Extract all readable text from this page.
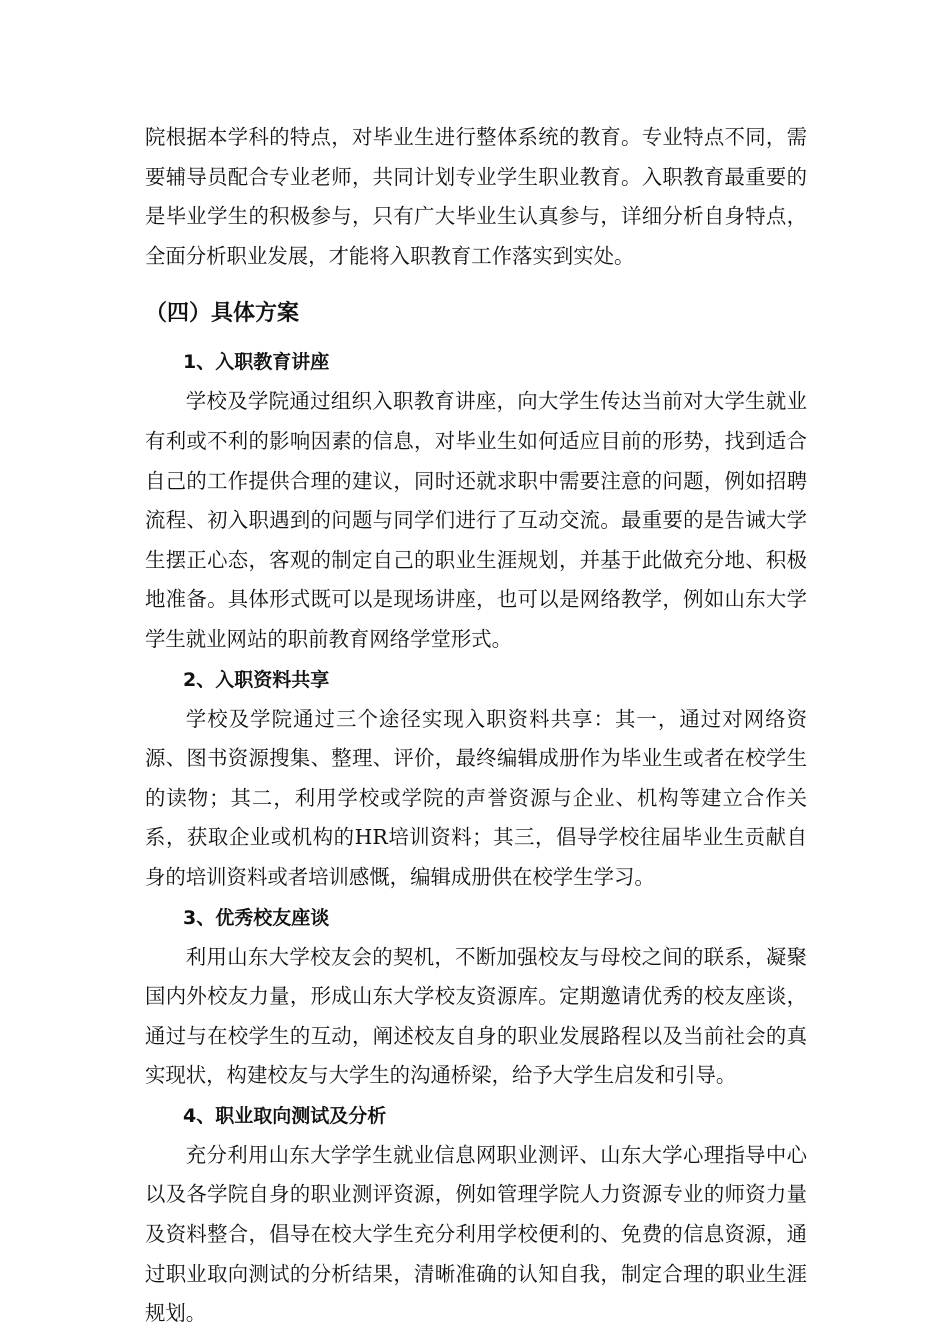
院根据本学科的特点，对毕业生进行整体系统的教育。专业特点不同，需要辅导员配合专业老师，共同计划专业学生职业教育。入职教育最重要的是毕业学生的积极参与，只有广大毕业生认真参与，详细分析自身特点，全面分析职业发展，才能将入职教育工作落实到实处。

（四）具体方案
1、入职教育讲座

学校及学院通过组织入职教育讲座，向大学生传达当前对大学生就业有利或不利的影响因素的信息，对毕业生如何适应目前的形势，找到适合自己的工作提供合理的建议，同时还就求职中需要注意的问题，例如招聘流程、初入职遇到的问题与同学们进行了互动交流。最重要的是告诫大学生摆正心态，客观的制定自己的职业生涯规划，并基于此做充分地、积极地准备。具体形式既可以是现场讲座，也可以是网络教学，例如山东大学学生就业网站的职前教育网络学堂形式。

2、入职资料共享

学校及学院通过三个途径实现入职资料共享：其一，通过对网络资源、图书资源搜集、整理、评价，最终编辑成册作为毕业生或者在校学生的读物；其二，利用学校或学院的声誉资源与企业、机构等建立合作关系，获取企业或机构的HR培训资料；其三，倡导学校往届毕业生贡献自身的培训资料或者培训感慨，编辑成册供在校学生学习。

3、优秀校友座谈

利用山东大学校友会的契机，不断加强校友与母校之间的联系，凝聚国内外校友力量，形成山东大学校友资源库。定期邀请优秀的校友座谈，通过与在校学生的互动，阐述校友自身的职业发展路程以及当前社会的真实现状，构建校友与大学生的沟通桥梁，给予大学生启发和引导。

4、职业取向测试及分析

充分利用山东大学学生就业信息网职业测评、山东大学心理指导中心以及各学院自身的职业测评资源，例如管理学院人力资源专业的师资力量及资料整合，倡导在校大学生充分利用学校便利的、免费的信息资源，通过职业取向测试的分析结果，清晰准确的认知自我，制定合理的职业生涯规划。
